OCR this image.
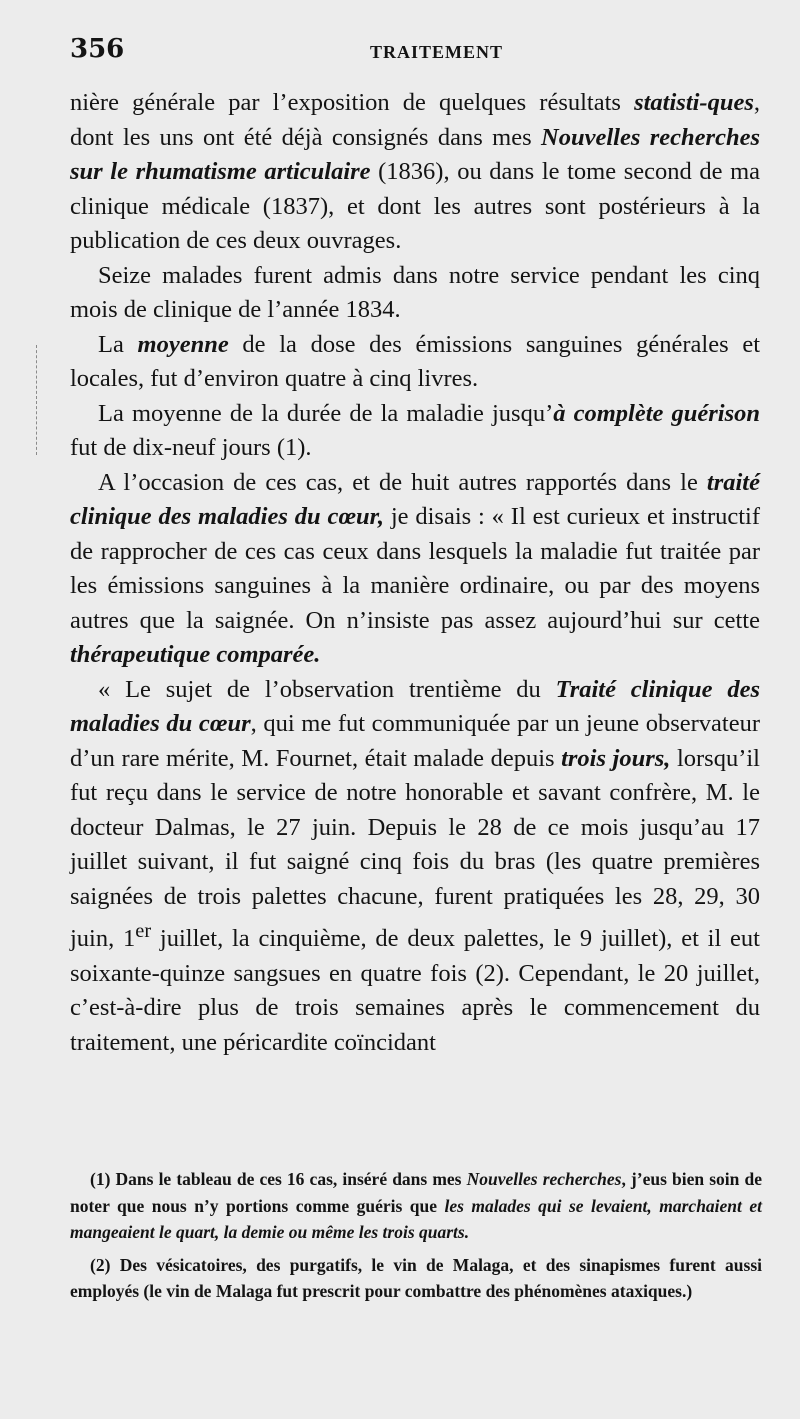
356	TRAITEMENT

nière générale par l’exposition de quelques résultats statisti-ques, dont les uns ont été déjà consignés dans mes Nouvelles recherches sur le rhumatisme articulaire (1836), ou dans le tome second de ma clinique médicale (1837), et dont les autres sont postérieurs à la publication de ces deux ouvrages.

Seize malades furent admis dans notre service pendant les cinq mois de clinique de l’année 1834.

La moyenne de la dose des émissions sanguines générales et locales, fut d’environ quatre à cinq livres.

La moyenne de la durée de la maladie jusqu’à complète guérison fut de dix-neuf jours (1).

A l’occasion de ces cas, et de huit autres rapportés dans le traité clinique des maladies du cœur, je disais : « Il est curieux et instructif de rapprocher de ces cas ceux dans lesquels la maladie fut traitée par les émissions sanguines à la manière ordinaire, ou par des moyens autres que la saignée. On n’insiste pas assez aujourd’hui sur cette thérapeutique comparée.

« Le sujet de l’observation trentième du Traité clinique des maladies du cœur, qui me fut communiquée par un jeune observateur d’un rare mérite, M. Fournet, était malade depuis trois jours, lorsqu’il fut reçu dans le service de notre honorable et savant confrère, M. le docteur Dalmas, le 27 juin. Depuis le 28 de ce mois jusqu’au 17 juillet suivant, il fut saigné cinq fois du bras (les quatre premières saignées de trois palettes chacune, furent pratiquées les 28, 29, 30 juin, 1er juillet, la cinquième, de deux palettes, le 9 juillet), et il eut soixante-quinze sangsues en quatre fois (2). Cependant, le 20 juillet, c’est-à-dire plus de trois semaines après le commencement du traitement, une péricardite coïncidant

(1) Dans le tableau de ces 16 cas, inséré dans mes Nouvelles recherches, j’eus bien soin de noter que nous n’y portions comme guéris que les malades qui se levaient, marchaient et mangeaient le quart, la demie ou même les trois quarts.

(2) Des vésicatoires, des purgatifs, le vin de Malaga, et des sinapismes furent aussi employés (le vin de Malaga fut prescrit pour combattre des phénomènes ataxiques.)
